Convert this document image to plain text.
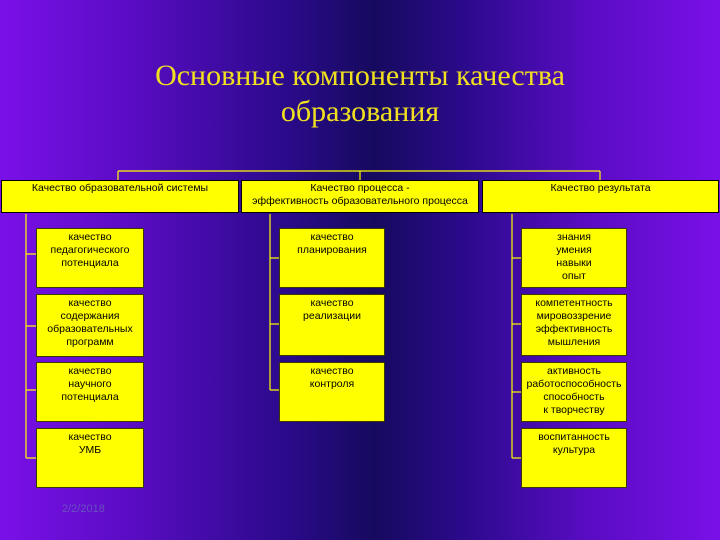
Основные компоненты качества
образования
Качество образовательной системы	Качество процесса -
эффективность образовательного процесса
Качество результата
качество
педагогического
потенциала
качество
содержания
образовательных
программ
качество
научного
потенциала
качество
УМБ
качество
планирования
качество
реализации
качество
контроля
знания
умения
навыки
опыт
компетентность
мировоззрение
эффективность
мышления
активность
работоспособность
способность
к творчеству
воспитанность
культура
2/2/2018
